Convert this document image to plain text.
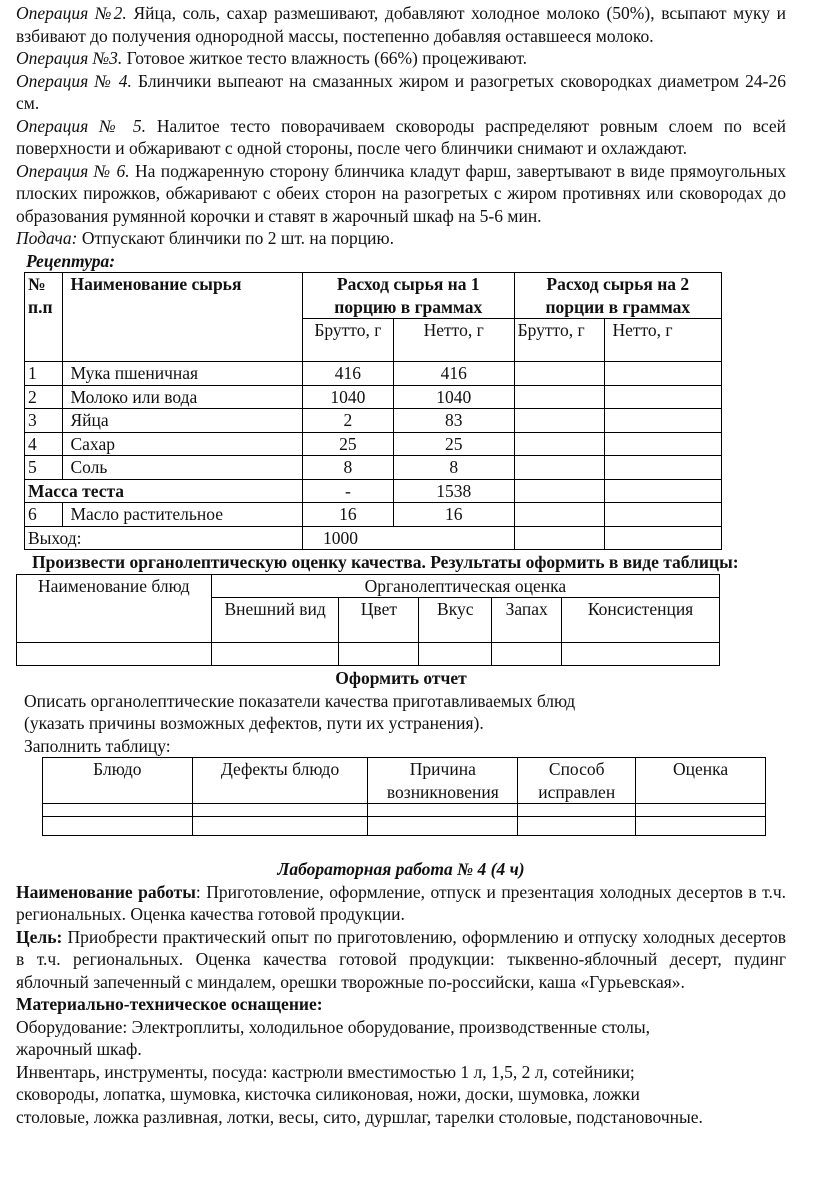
Операция №2. Яйца, соль, сахар размешивают, добавляют холодное молоко (50%), всыпают муку и взбивают до получения однородной массы, постепенно добавляя оставшееся молоко.

Операция №3. Готовое житкое тесто влажность (66%) процеживают.

Операция № 4. Блинчики выпеают на смазанных жиром и разогретых сковородках диаметром 24-26 см.

Операция № 5. Налитое тесто поворачиваем сковороды распределяют ровным слоем по всей поверхности и обжаривают с одной стороны, после чего блинчики снимают и охлаждают.

Операция № 6. На поджаренную сторону блинчика кладут фарш, завертывают в виде прямоугольных плоских пирожков, обжаривают с обеих сторон на разогретых с жиром противнях или сковородах до образования румянной корочки и ставят в жарочный шкаф на 5-6 мин.

Подача: Отпускают блинчики по 2 шт. на порцию.

Рецептура:

№ п.п	Наименование сырья	Расход сырья на 1 порцию в граммах		Расход сырья на 2 порции в граммах	
		Брутто, г	Нетто, г	Брутто, г	Нетто, г
1	Мука пшеничная	416	416		
2	Молоко или вода	1040	1040		
3	Яйца	2	83		
4	Сахар	25	25		
5	Соль	8	8		
Масса теста		-	1538		
6	Масло растительное	16	16		
Выход:		1000			

Произвести органолептическую оценку качества. Результаты оформить в виде таблицы:

Наименование блюд	Органолептическая оценка				
	Внешний вид	Цвет	Вкус	Запах	Консистенция

Оформить отчет

Описать органолептические показатели качества приготавливаемых блюд

(указать причины возможных дефектов, пути их устранения).

Заполнить таблицу:

Блюдо	Дефекты блюдо	Причина возникновения	Способ исправлен	Оценка

Лабораторная работа № 4 (4 ч)

Наименование работы: Приготовление, оформление, отпуск и презентация холодных десертов в т.ч. региональных. Оценка качества готовой продукции.

Цель: Приобрести практический опыт по приготовлению, оформлению и отпуску холодных десертов в т.ч. региональных. Оценка качества готовой продукции: тыквенно-яблочный десерт, пудинг яблочный запеченный с миндалем, орешки творожные по-российски, каша «Гурьевская».

Материально-техническое оснащение:

Оборудование: Электроплиты, холодильное оборудование, производственные столы,

жарочный шкаф.

Инвентарь, инструменты, посуда: кастрюли вместимостью 1 л, 1,5, 2 л, сотейники;

сковороды, лопатка, шумовка, кисточка силиконовая, ножи, доски, шумовка, ложки

столовые, ложка разливная, лотки, весы, сито, дуршлаг, тарелки столовые, подстановочные.
